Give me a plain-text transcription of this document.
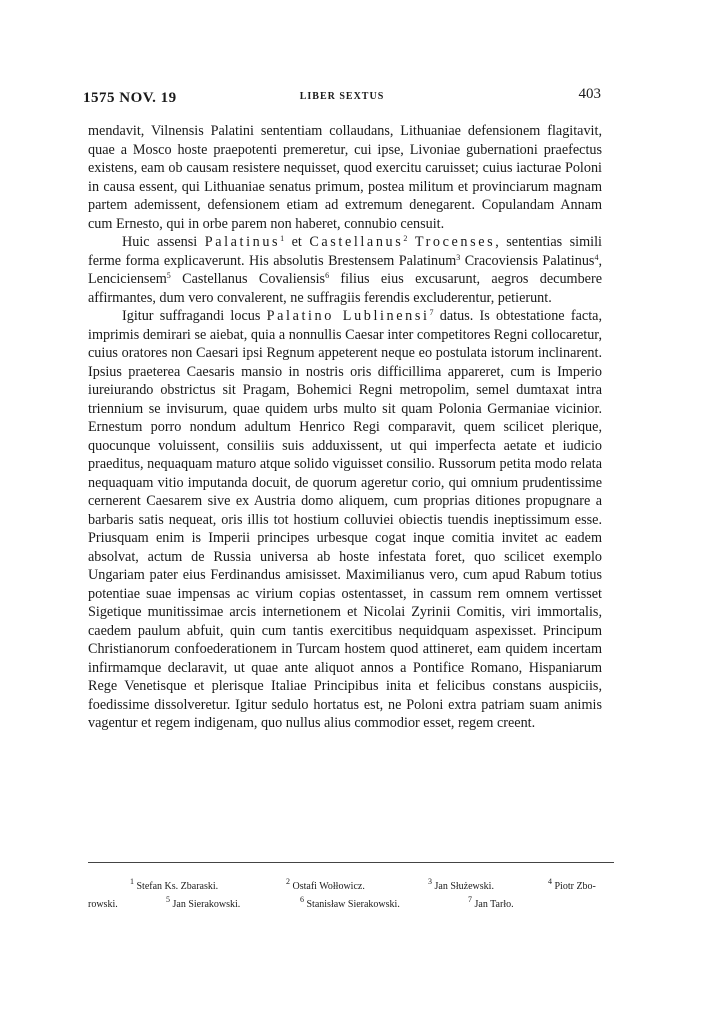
1575 NOV. 19	LIBER SEXTUS	403

mendavit, Vilnensis Palatini sententiam collaudans, Lithuaniae defensionem flagitavit, quae a Mosco hoste praepotenti premeretur, cui ipse, Livoniae gubernationi praefectus existens, eam ob causam resistere nequisset, quod exercitu caruisset; cuius iacturae Poloni in causa essent, qui Lithuaniae senatus primum, postea militum et provinciarum magnam partem ademissent, defensionem etiam ad extremum denegarent. Copulandam Annam cum Ernesto, qui in orbe parem non haberet, connubio censuit.

Huic assensi Palatinus$^1$ et Castellanus$^2$ Trocenses, sententias simili ferme forma explicaverunt. His absolutis Brestensem Palatinum$^3$ Cracoviensis Palatinus$^4$, Lenciciensem$^5$ Castellanus Covaliensis$^6$ filius eius excusarunt, aegros decumbere affirmantes, dum vero convalerent, ne suffragiis ferendis excluderentur, petierunt.

Igitur suffragandi locus Palatino Lublinensi$^7$ datus. Is obtestatione facta, imprimis demirari se aiebat, quia a nonnullis Caesar inter competitores Regni collocaretur, cuius oratores non Caesari ipsi Regnum appeterent neque eo postulata istorum inclinarent. Ipsius praeterea Caesaris mansio in nostris oris difficillima appareret, cum is Imperio iureiurando obstrictus sit Pragam, Bohemici Regni metropolim, semel dumtaxat intra triennium se invisurum, quae quidem urbs multo sit quam Polonia Germaniae vicinior. Ernestum porro nondum adultum Henrico Regi comparavit, quem scilicet plerique, quocunque voluissent, consiliis suis adduxissent, ut qui imperfecta aetate et iudicio praeditus, nequaquam maturo atque solido viguisset consilio. Russorum petita modo relata nequaquam vitio imputanda docuit, de quorum ageretur corio, qui omnium prudentissime cernerent Caesarem sive ex Austria domo aliquem, cum proprias ditiones propugnare a barbaris satis nequeat, oris illis tot hostium colluviei obiectis tuendis ineptissimum esse. Priusquam enim is Imperii principes urbesque cogat inque comitia invitet ac eadem absolvat, actum de Russia universa ab hoste infestata foret, quo scilicet exemplo Ungariam pater eius Ferdinandus amisisset. Maximilianus vero, cum apud Rabum totius potentiae suae impensas ac virium copias ostentasset, in cassum rem omnem vertisset Sigetique munitissimae arcis internetionem et Nicolai Zyrinii Comitis, viri immortalis, caedem paulum abfuit, quin cum tantis exercitibus nequidquam aspexisset. Principum Christianorum confoederationem in Turcam hostem quod attineret, eam quidem incertam infirmamque declaravit, ut quae ante aliquot annos a Pontifice Romano, Hispaniarum Rege Venetisque et plerisque Italiae Principibus inita et felicibus constans auspiciis, foedissime dissolveretur. Igitur sedulo hortatus est, ne Poloni extra patriam suam animis vagentur et regem indigenam, quo nullus alius commodior esset, regem creent.

$^1$ Stefan Ks. Zbaraski.	$^2$ Ostafi Wołłowicz.	$^3$ Jan Służewski.	$^4$ Piotr Zbo-
rowski.	$^5$ Jan Sierakowski.	$^6$ Stanisław Sierakowski.	$^7$ Jan Tarło.
